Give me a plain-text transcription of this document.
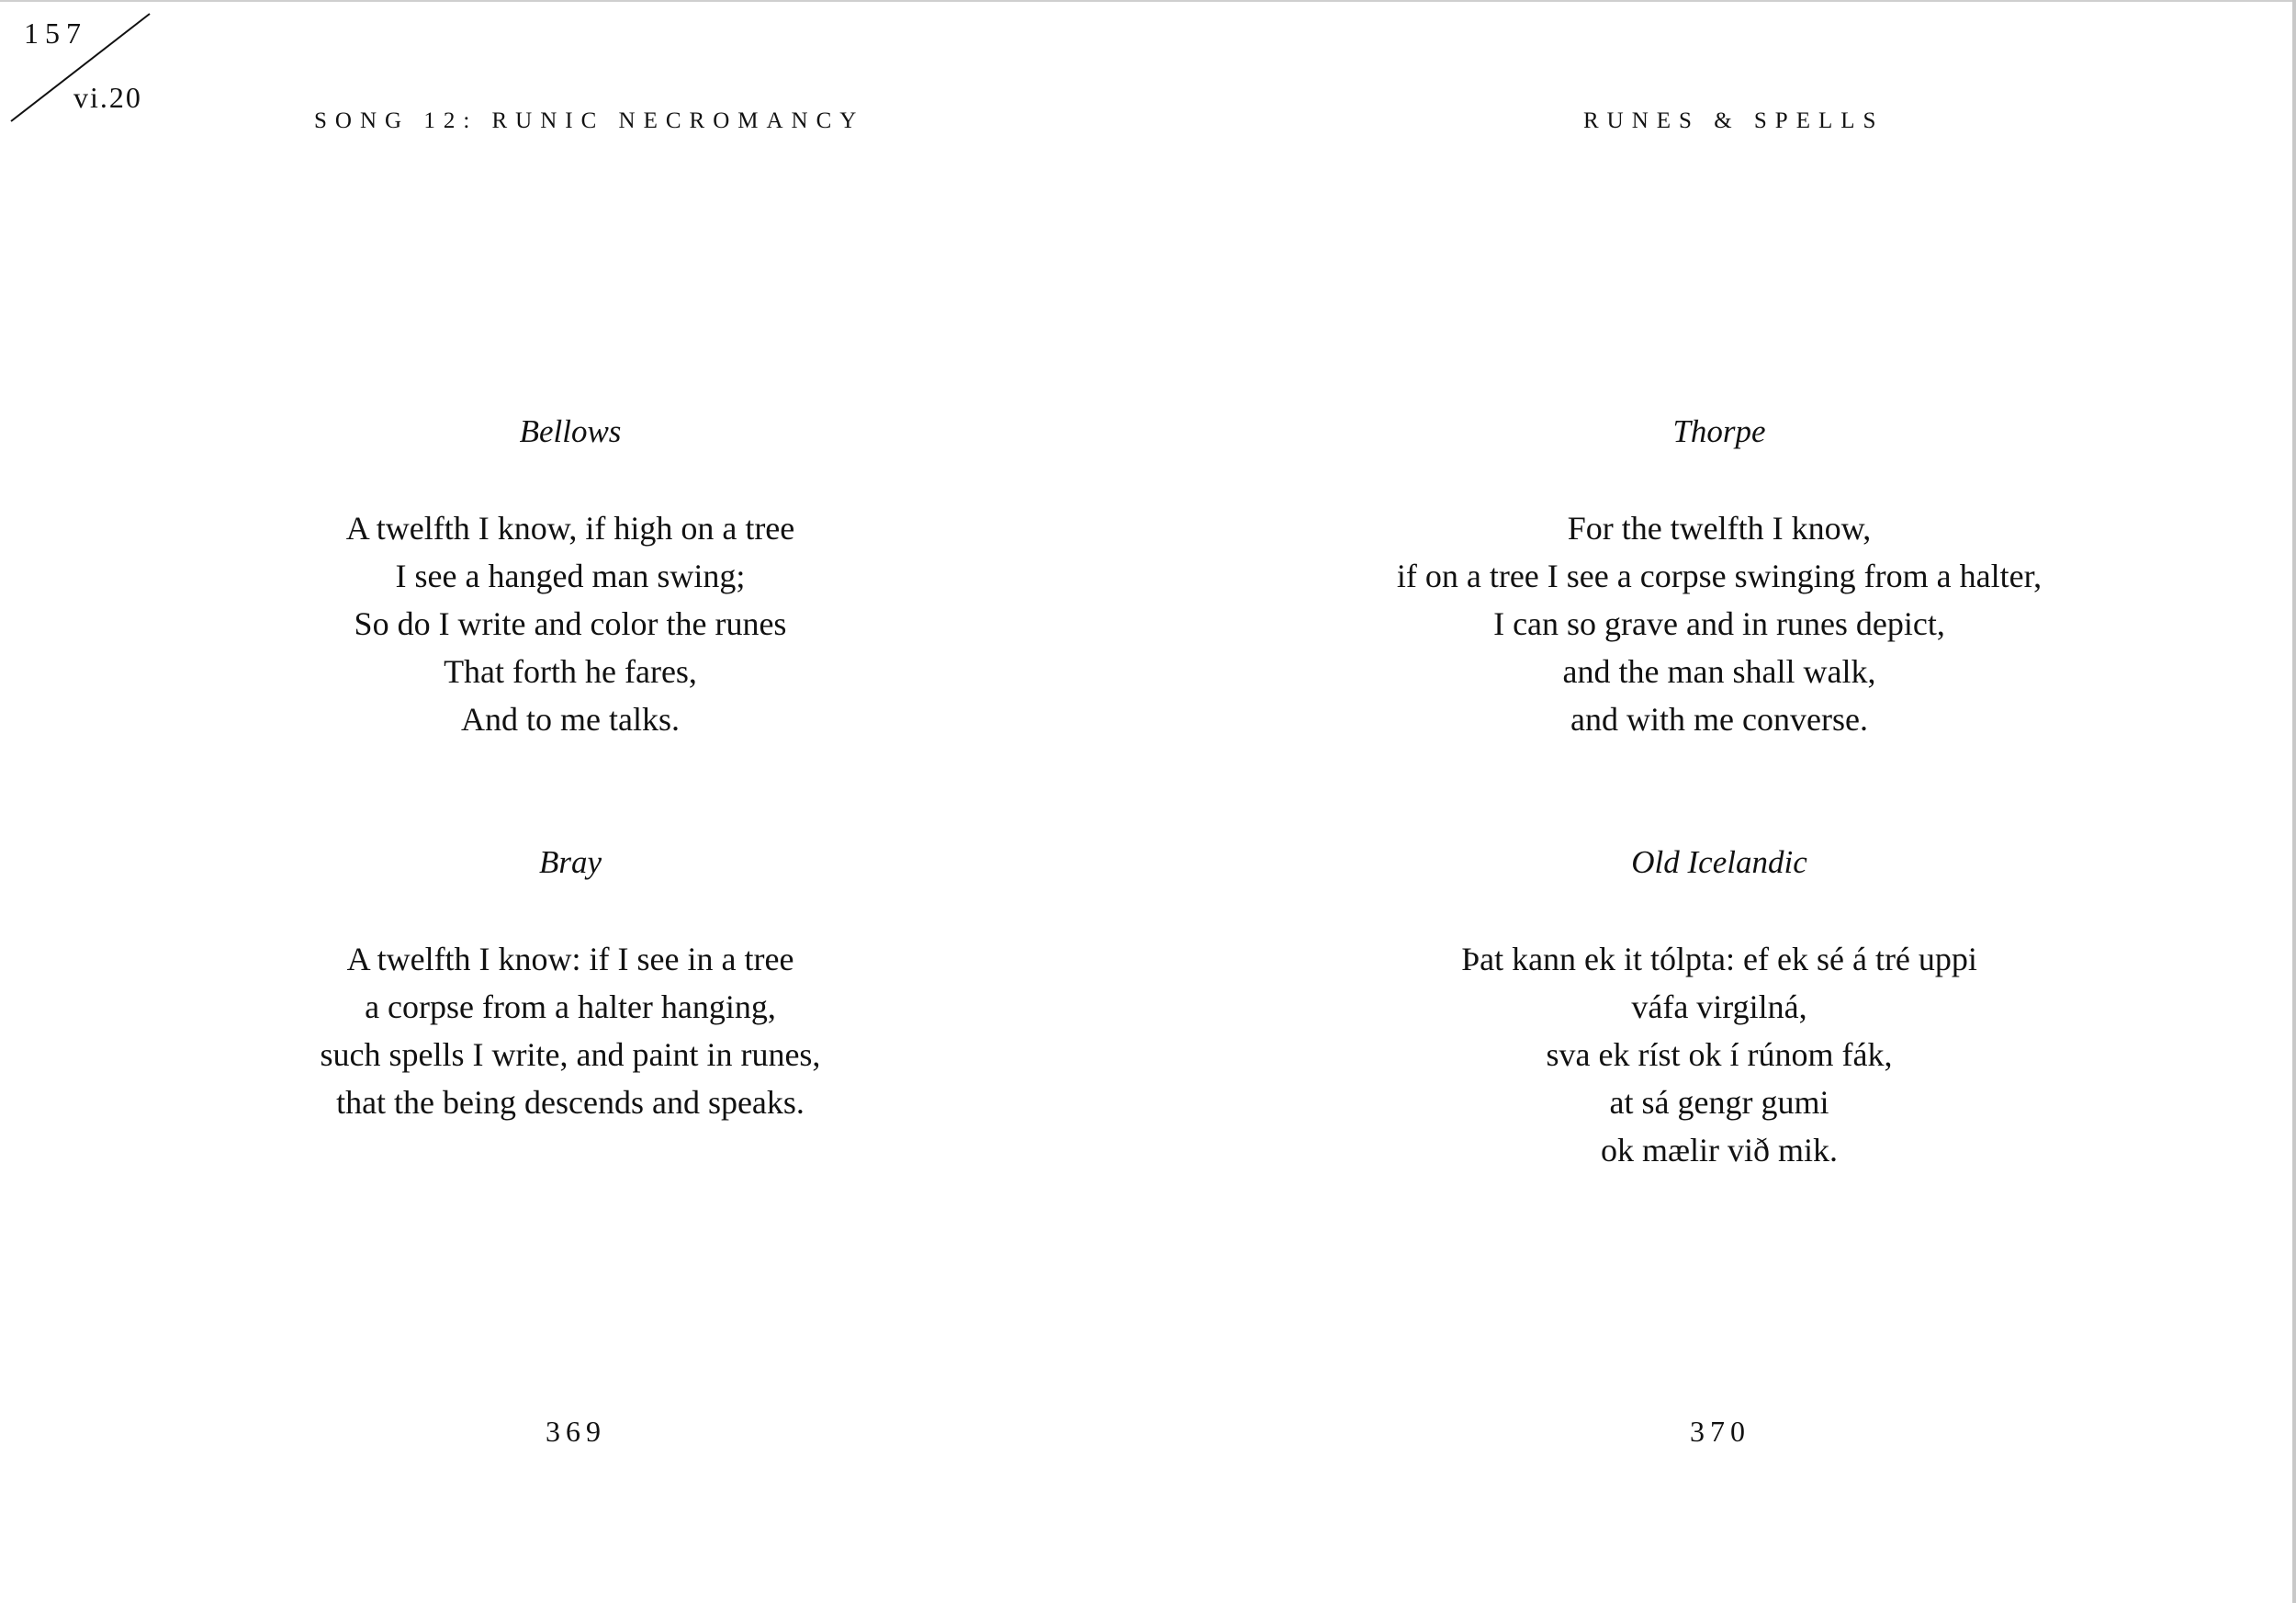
157
vi.20
SONG 12: RUNIC NECROMANCY	RUNES & SPELLS
Bellows
A twelfth I know, if high on a tree
I see a hanged man swing;
So do I write and color the runes
That forth he fares,
And to me talks.
Bray
A twelfth I know: if I see in a tree
a corpse from a halter hanging,
such spells I write, and paint in runes,
that the being descends and speaks.
Thorpe
For the twelfth I know,
if on a tree I see a corpse swinging from a halter,
I can so grave and in runes depict,
and the man shall walk,
and with me converse.
Old Icelandic
Þat kann ek it tólpta: ef ek sé á tré uppi
váfa virgilná,
sva ek ríst ok í rúnom fák,
at sá gengr gumi
ok mælir við mik.
369	370
